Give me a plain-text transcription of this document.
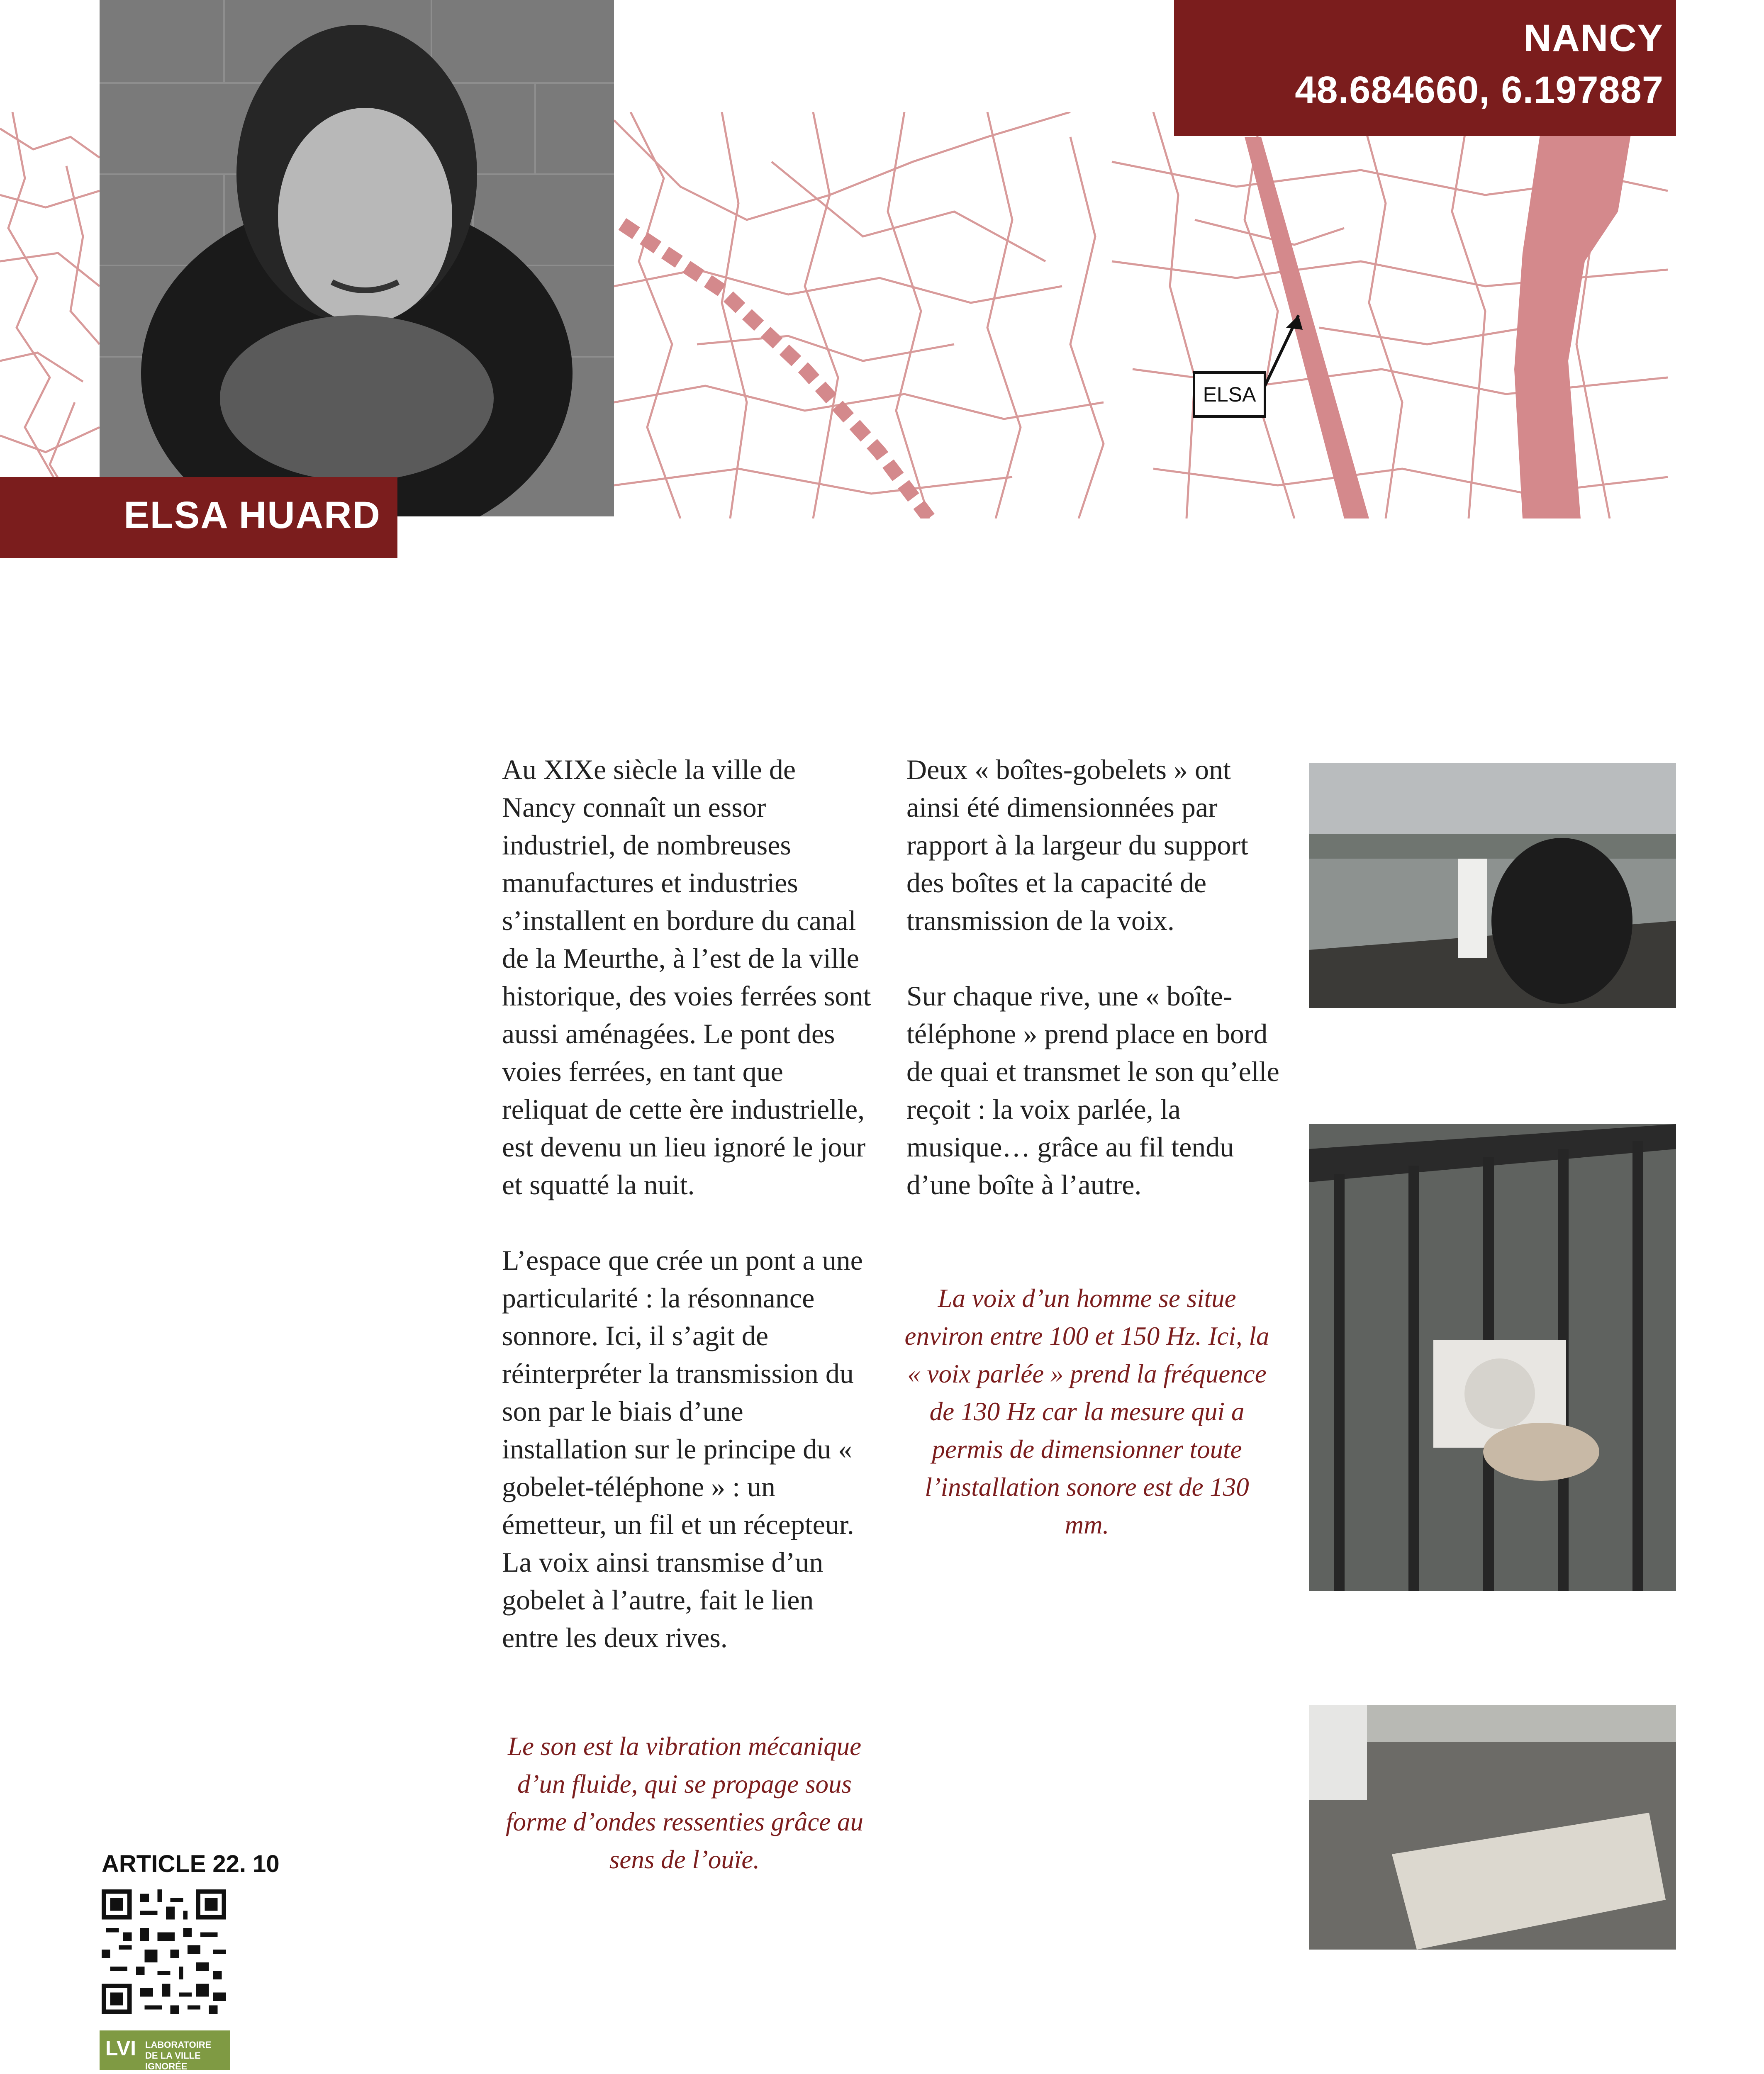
ELSA HUARD
NANCY
48.684660, 6.197887
ELSA

Au XIXe siècle la ville de Nancy connaît un essor industriel, de nombreuses manufactures et industries s’installent en bordure du canal de la Meurthe, à l’est de la ville historique, des voies ferrées sont aussi aménagées. Le pont des voies ferrées, en tant que reliquat de cette ère industrielle, est devenu un lieu ignoré le jour et squatté la nuit.

L’espace que crée un pont a une particularité : la résonnance sonnore. Ici, il s’agit de réinterpréter la transmission du son par le biais d’une installation sur le principe du « gobelet-téléphone » : un émetteur, un fil et un récepteur. La voix ainsi transmise d’un gobelet à l’autre, fait le lien entre les deux rives.

Le son est la vibration mécanique d’un fluide, qui se propage sous forme d’ondes ressenties grâce au sens de l’ouïe.

Deux « boîtes-gobelets » ont ainsi été dimensionnées par rapport à la largeur du support des boîtes et la capacité de transmission de la voix.

Sur chaque rive, une « boîte-téléphone » prend place en bord de quai et transmet le son qu’elle reçoit : la voix parlée, la musique… grâce au fil tendu d’une boîte à l’autre.

La voix d’un homme se situe environ entre 100 et 150 Hz. Ici, la « voix parlée » prend la fréquence de 130 Hz car la mesure qui a permis de dimensionner toute l’installation sonore est de 130 mm.
ARTICLE 22. 10
LVI LABORATOIRE
DE LA VILLE IGNORÉE
